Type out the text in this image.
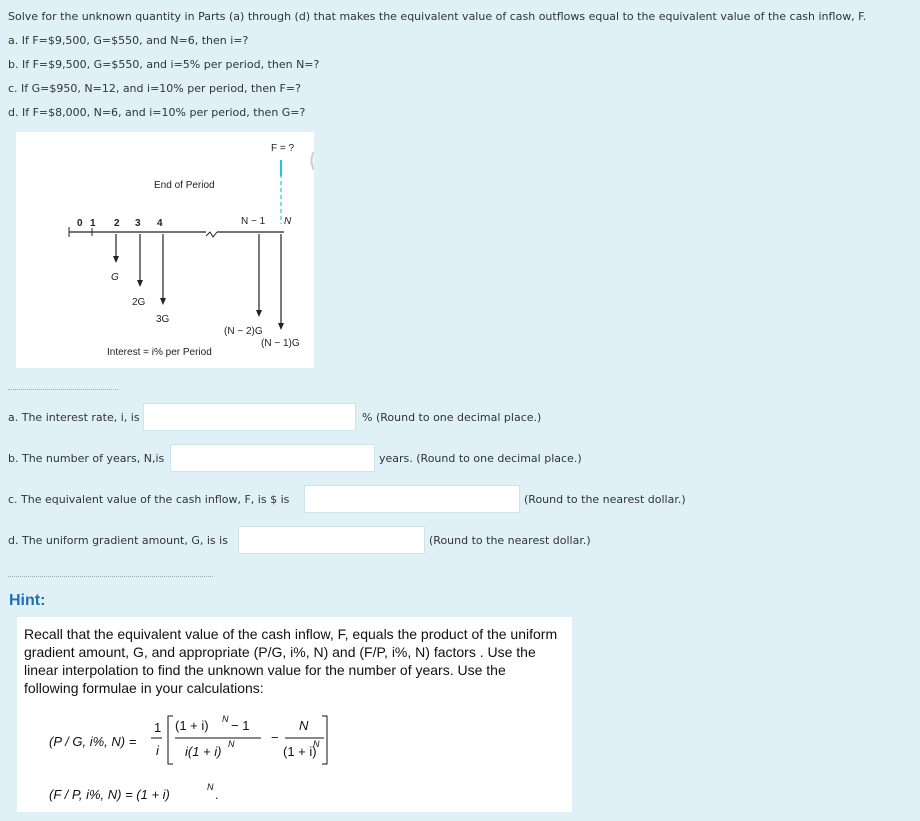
Solve for the unknown quantity in Parts (a) through (d) that makes the equivalent value of cash outflows equal to the equivalent value of the cash inflow, F.
a. If F=$9,500, G=$550, and N=6, then i=?
b. If F=$9,500, G=$550, and i=5% per period, then N=?
c. If G=$950, N=12, and i=10% per period, then F=?
d. If F=$8,000, N=6, and i=10% per period, then G=?
F = ?
End of Period
0 1 2 3 4	N − 1 N
G
2G
3G
(N − 2)G
(N − 1)G
Interest = i% per Period
a. The interest rate, i, is	% (Round to one decimal place.)
b. The number of years, N,is	years. (Round to one decimal place.)
c. The equivalent value of the cash inflow, F, is $ is	(Round to the nearest dollar.)
d. The uniform gradient amount, G, is is	(Round to the nearest dollar.)
Hint:
Recall that the equivalent value of the cash inflow, F, equals the product of the uniform gradient amount, G, and appropriate (P/G, i%, N) and (F/P, i%, N) factors . Use the linear interpolation to find the unknown value for the number of years. Use the following formulae in your calculations:
(P / G, i%, N) =
1
i
(1 + i) N − 1
i(1 + i) N	−
N
(1 + i)
N
(F / P, i%, N) = (1 + i)	N .
